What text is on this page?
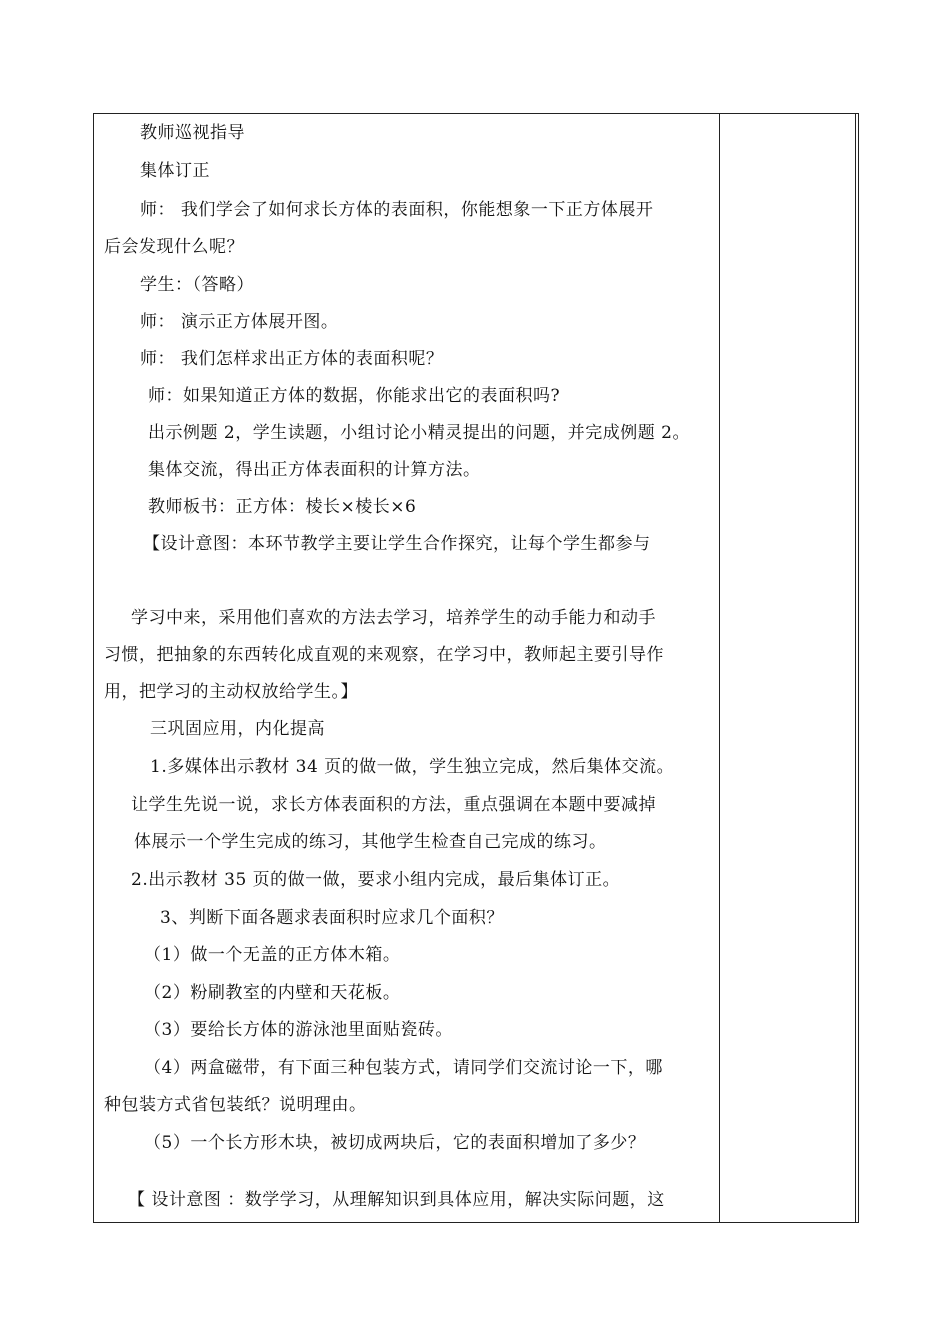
教师巡视指导
集体订正
师： 我们学会了如何求长方体的表面积，你能想象一下正方体展开
后会发现什么呢？
学生：（答略）
师： 演示正方体展开图。
师： 我们怎样求出正方体的表面积呢？
师：如果知道正方体的数据，你能求出它的表面积吗?
出示例题 2，学生读题，小组讨论小精灵提出的问题，并完成例题 2。
集体交流，得出正方体表面积的计算方法。
教师板书：正方体：棱长×棱长×6
【设计意图：本环节教学主要让学生合作探究，让每个学生都参与
学习中来，采用他们喜欢的方法去学习，培养学生的动手能力和动手
习惯，把抽象的东西转化成直观的来观察，在学习中，教师起主要引导作
用，把学习的主动权放给学生。】
三巩固应用，内化提高
1.多媒体出示教材 34 页的做一做，学生独立完成，然后集体交流。
让学生先说一说，求长方体表面积的方法，重点强调在本题中要减掉
体展示一个学生完成的练习，其他学生检查自己完成的练习。
2.出示教材 35 页的做一做，要求小组内完成，最后集体订正。
3、判断下面各题求表面积时应求几个面积？
（1）做一个无盖的正方体木箱。
（2）粉刷教室的内壁和天花板。
（3）要给长方体的游泳池里面贴瓷砖。
（4）两盒磁带，有下面三种包装方式，请同学们交流讨论一下，哪
种包装方式省包装纸？说明理由。
（5）一个长方形木块，被切成两块后，它的表面积增加了多少？
【 设计意图 ：数学学习，从理解知识到具体应用，解决实际问题，这
